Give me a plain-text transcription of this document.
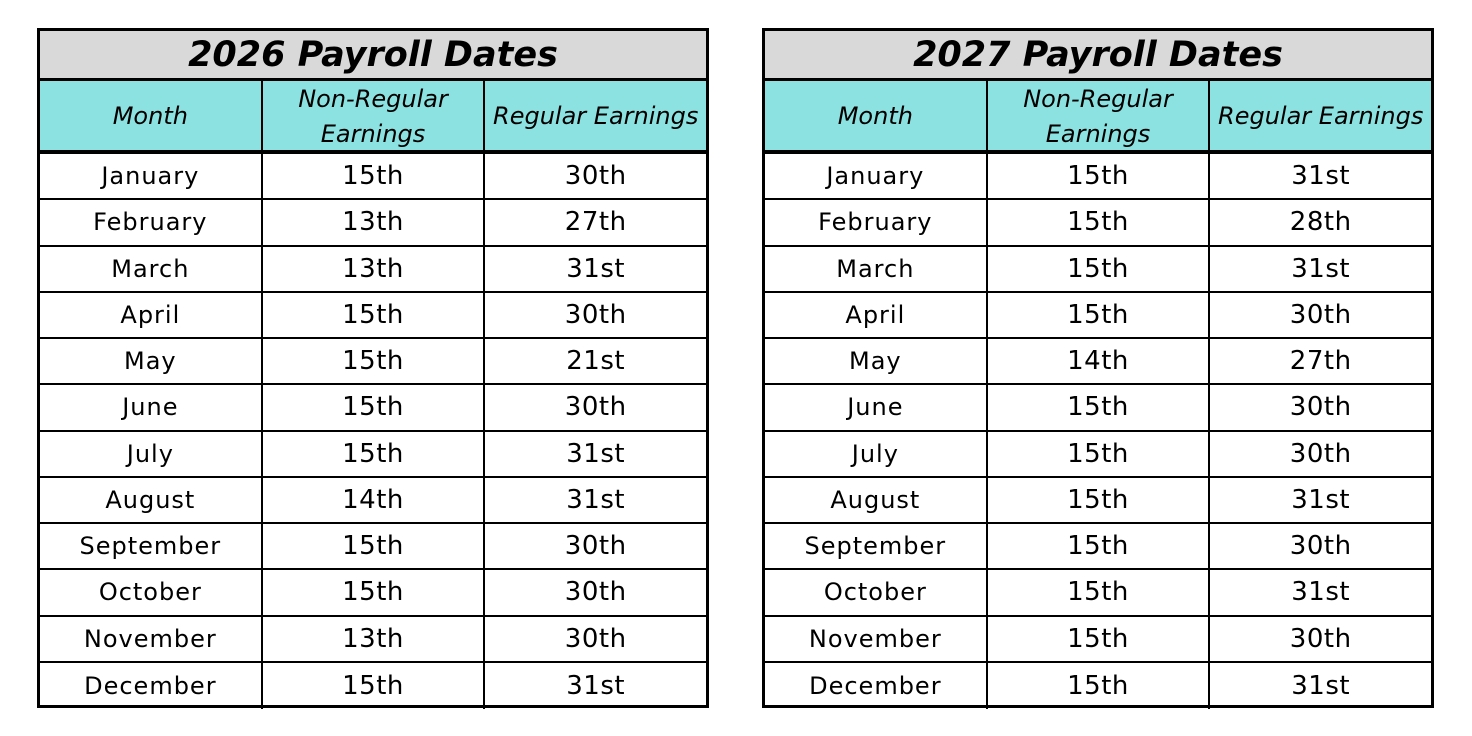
2026 Payroll Dates
Month
Non-Regular Earnings
Regular Earnings
January	15th	30th
February	13th	27th
March	13th	31st
April	15th	30th
May	15th	21st
June	15th	30th
July	15th	31st
August	14th	31st
September	15th	30th
October	15th	30th
November	13th	30th
December	15th	31st
2027 Payroll Dates
Month
Non-Regular Earnings
Regular Earnings
January	15th	31st
February	15th	28th
March	15th	31st
April	15th	30th
May	14th	27th
June	15th	30th
July	15th	30th
August	15th	31st
September	15th	30th
October	15th	31st
November	15th	30th
December	15th	31st
